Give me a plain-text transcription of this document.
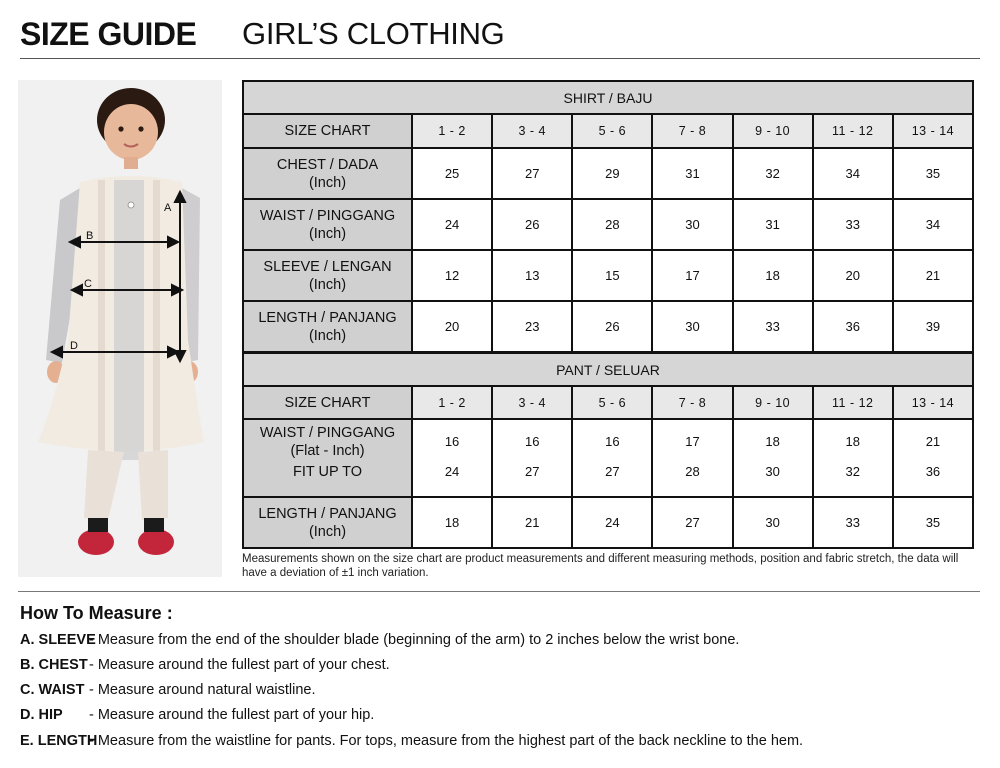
SIZE GUIDE GIRL’S CLOTHING
A
B
C
D
SHIRT / BAJU							
SIZE CHART	1 - 2	3 - 4	5 - 6	7 - 8	9 - 10	11 - 12	13 - 14
CHEST / DADA
(Inch)	25	27	29	31	32	34	35
WAIST / PINGGANG
(Inch)	24	26	28	30	31	33	34
SLEEVE / LENGAN
(Inch)	12	13	15	17	18	20	21
LENGTH / PANJANG
(Inch)	20	23	26	30	33	36	39
PANT / SELUAR							
SIZE CHART	1 - 2	3 - 4	5 - 6	7 - 8	9 - 10	11 - 12	13 - 14
WAIST / PINGGANG
(Flat - Inch)	16	16	16	17	18	18	21
FIT UP TO	24	27	27	28	30	32	36
LENGTH / PANJANG
(Inch)	18	21	24	27	30	33	35
Measurements shown on the size chart are product measurements and different measuring methods, position and fabric stretch, the data will have a deviation of ±1 inch variation.
How To Measure :
A. SLEEVE
- Measure from the end of the shoulder blade (beginning of the arm) to 2 inches below the wrist bone.
B. CHEST - Measure around the fullest part of your chest.
C. WAIST - Measure around natural waistline.
D. HIP - Measure around the fullest part of your hip.
E. LENGTH
- Measure from the waistline for pants. For tops, measure from the highest part of the back neckline to the hem.
